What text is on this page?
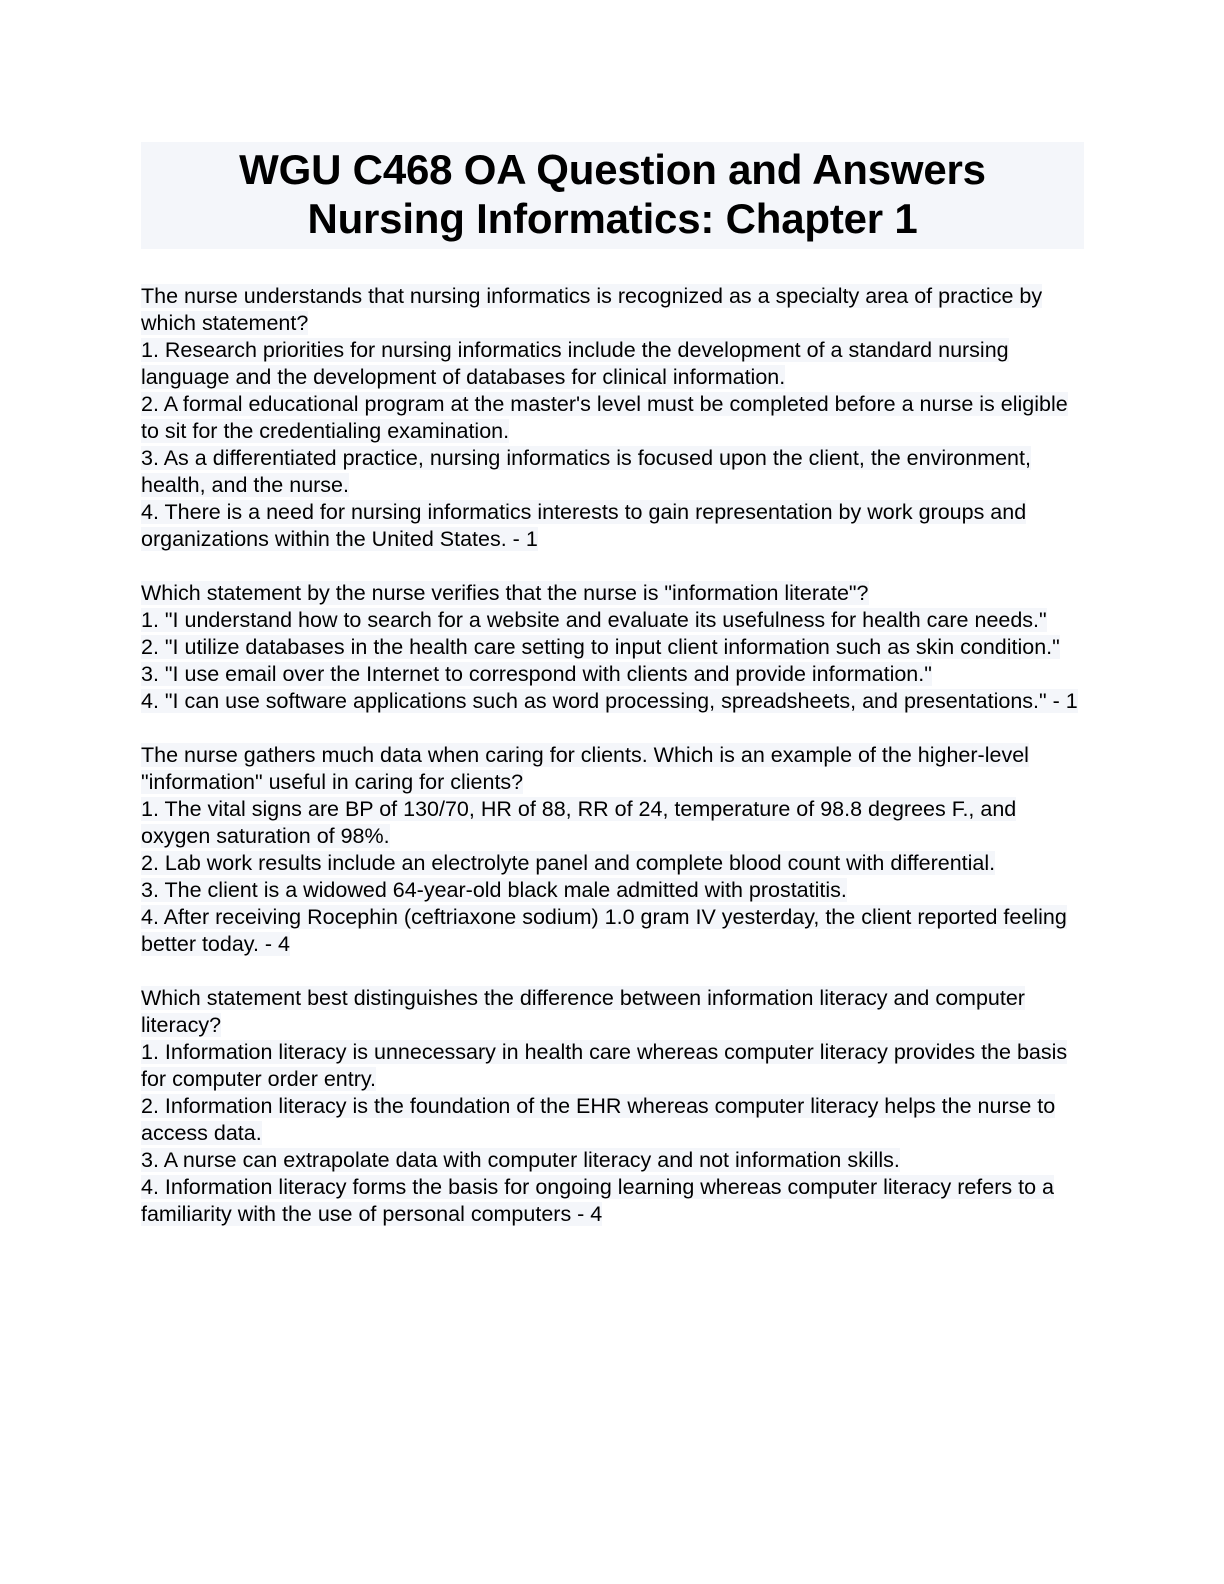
WGU C468 OA Question and Answers
Nursing Informatics: Chapter 1
The nurse understands that nursing informatics is recognized as a specialty area of practice by which statement?
1. Research priorities for nursing informatics include the development of a standard nursing language and the development of databases for clinical information.
2. A formal educational program at the master's level must be completed before a nurse is eligible to sit for the credentialing examination.
3. As a differentiated practice, nursing informatics is focused upon the client, the environment, health, and the nurse.
4. There is a need for nursing informatics interests to gain representation by work groups and organizations within the United States. - 1
Which statement by the nurse verifies that the nurse is "information literate"?
1. "I understand how to search for a website and evaluate its usefulness for health care needs."
2. "I utilize databases in the health care setting to input client information such as skin condition."
3. "I use email over the Internet to correspond with clients and provide information."
4. "I can use software applications such as word processing, spreadsheets, and presentations." - 1
The nurse gathers much data when caring for clients. Which is an example of the higher-level "information" useful in caring for clients?
1. The vital signs are BP of 130/70, HR of 88, RR of 24, temperature of 98.8 degrees F., and oxygen saturation of 98%.
2. Lab work results include an electrolyte panel and complete blood count with differential.
3. The client is a widowed 64-year-old black male admitted with prostatitis.
4. After receiving Rocephin (ceftriaxone sodium) 1.0 gram IV yesterday, the client reported feeling better today. - 4
Which statement best distinguishes the difference between information literacy and computer literacy?
1. Information literacy is unnecessary in health care whereas computer literacy provides the basis for computer order entry.
2. Information literacy is the foundation of the EHR whereas computer literacy helps the nurse to access data.
3. A nurse can extrapolate data with computer literacy and not information skills.
4. Information literacy forms the basis for ongoing learning whereas computer literacy refers to a familiarity with the use of personal computers - 4
